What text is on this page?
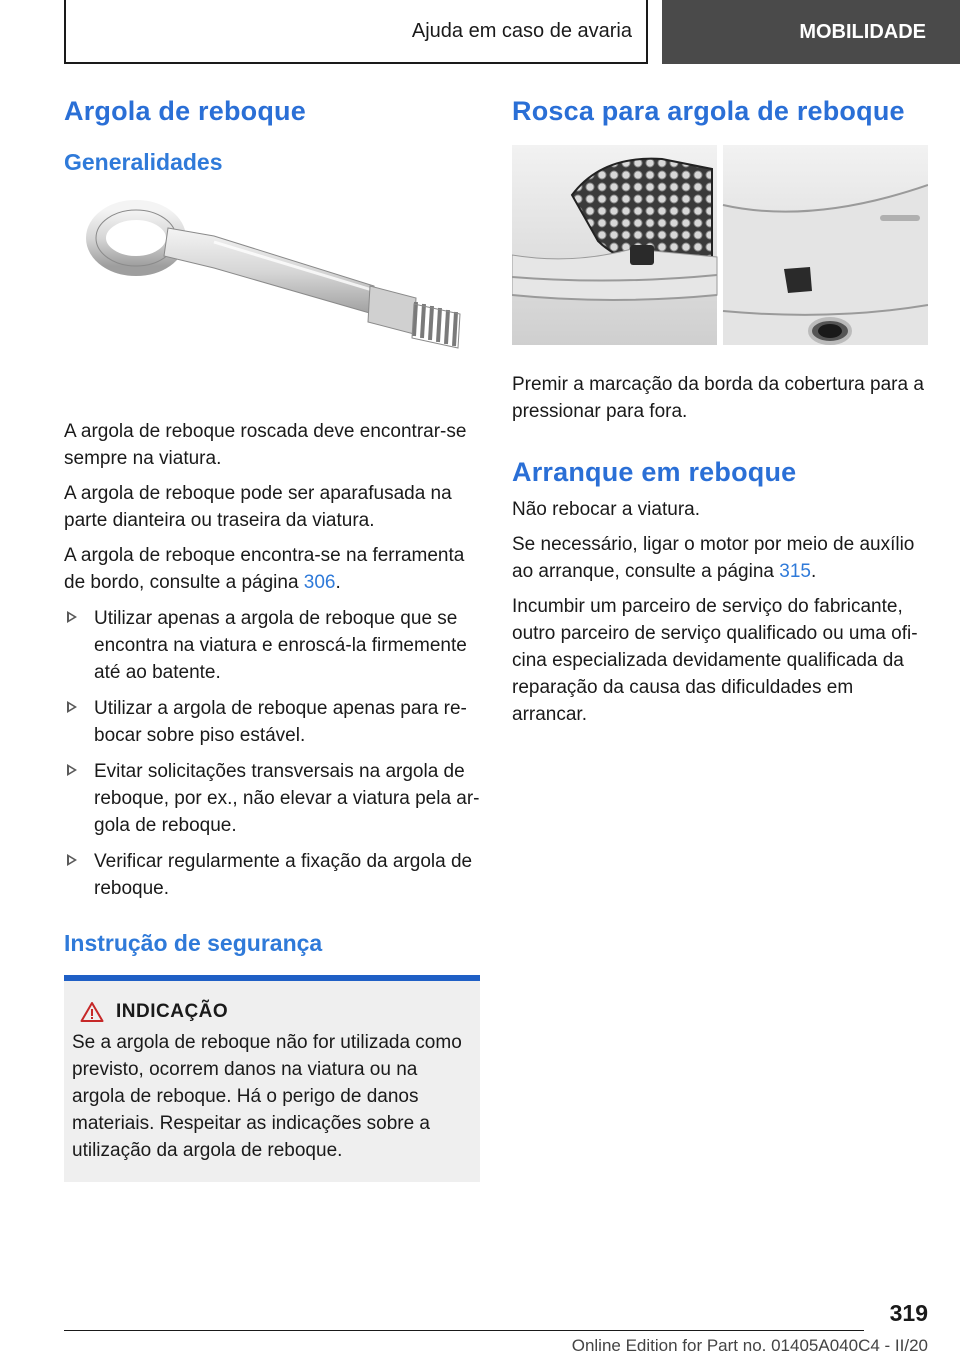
Ajuda em caso de avaria	MOBILIDADE
Argola de reboque
Generalidades

A argola de reboque roscada deve encontrar-se sempre na viatura.

A argola de reboque pode ser aparafusada na parte dianteira ou traseira da viatura.

A argola de reboque encontra-se na ferramenta de bordo, consulte a página 306.

Utilizar apenas a argola de reboque que se encontra na viatura e enroscá-la firmemente até ao batente.
Utilizar a argola de reboque apenas para re-bocar sobre piso estável.
Evitar solicitações transversais na argola de reboque, por ex., não elevar a viatura pela ar-gola de reboque.
Verificar regularmente a fixação da argola de reboque.
Instrução de segurança
INDICAÇÃO

Se a argola de reboque não for utilizada como previsto, ocorrem danos na viatura ou na argola de reboque. Há o perigo de danos materiais. Respeitar as indicações sobre a utilização da argola de reboque.

Rosca para argola de reboque

Premir a marcação da borda da cobertura para a pressionar para fora.

Arranque em reboque

Não rebocar a viatura.

Se necessário, ligar o motor por meio de auxílio ao arranque, consulte a página 315.

Incumbir um parceiro de serviço do fabricante, outro parceiro de serviço qualificado ou uma ofi-cina especializada devidamente qualificada da reparação da causa das dificuldades em arrancar.

319
Online Edition for Part no. 01405A040C4 - II/20
